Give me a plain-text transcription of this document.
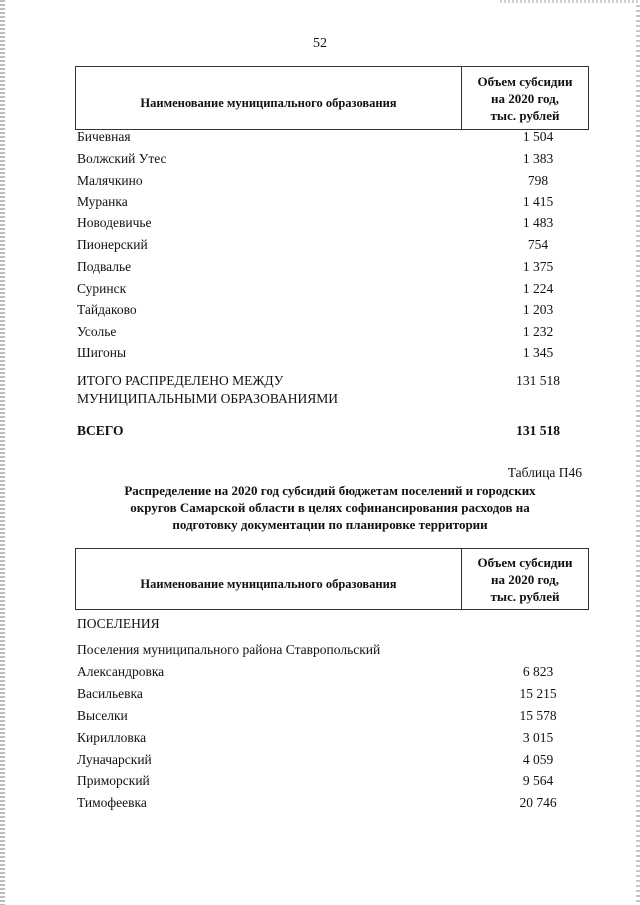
52
Наименование муниципального образования
Объем субсидии
на 2020 год,
тыс. рублей
Бичевная	1 504
Волжский Утес	1 383
Малячкино	798
Муранка	1 415
Новодевичье	1 483
Пионерский	754
Подвалье	1 375
Суринск	1 224
Тайдаково	1 203
Усолье	1 232
Шигоны	1 345
ИТОГО РАСПРЕДЕЛЕНО МЕЖДУ	131 518
МУНИЦИПАЛЬНЫМИ ОБРАЗОВАНИЯМИ
ВСЕГО	131 518
Таблица П46
Распределение на 2020 год субсидий бюджетам поселений и городских
округов Самарской области в целях софинансирования расходов на
подготовку документации по планировке территории
Наименование муниципального образования
Объем субсидии
на 2020 год,
тыс. рублей
ПОСЕЛЕНИЯ
Поселения муниципального района Ставропольский
Александровка	6 823
Васильевка	15 215
Выселки	15 578
Кирилловка	3 015
Луначарский	4 059
Приморский	9 564
Тимофеевка	20 746
